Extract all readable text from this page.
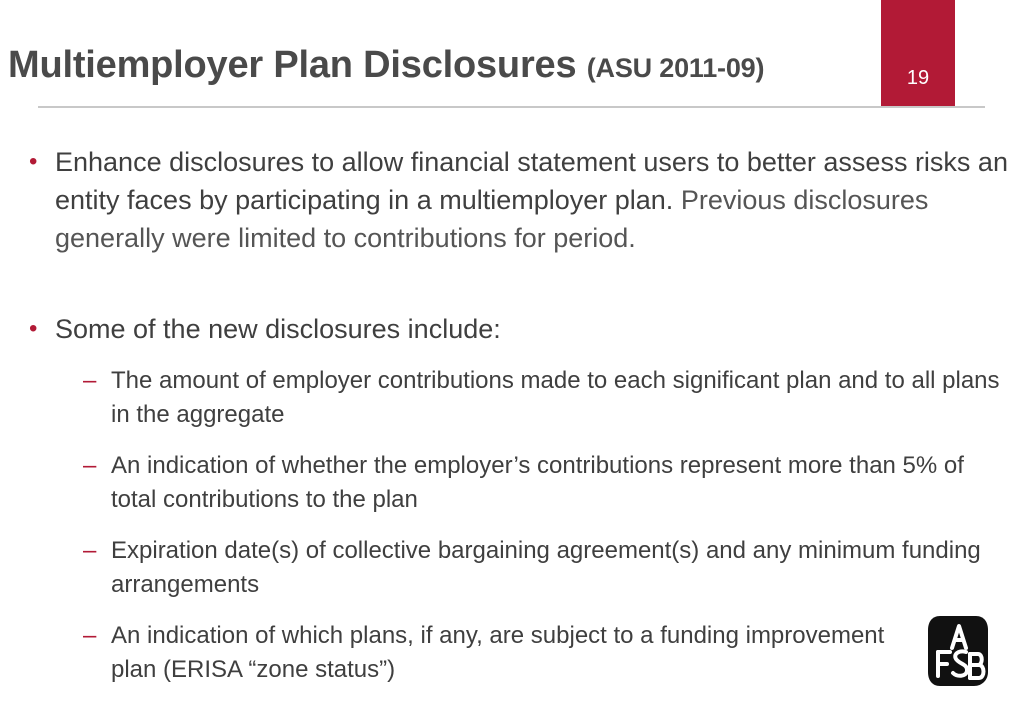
Multiemployer Plan Disclosures (ASU 2011-09)	19
• Enhance disclosures to allow financial statement users to better assess risks an entity faces by participating in a multiemployer plan. Previous disclosures generally were limited to contributions for period.
• Some of the new disclosures include:
– The amount of employer contributions made to each significant plan and to all plans in the aggregate
– An indication of whether the employer’s contributions represent more than 5% of total contributions to the plan
– Expiration date(s) of collective bargaining agreement(s) and any minimum funding arrangements
– An indication of which plans, if any, are subject to a funding improvement plan (ERISA “zone status”)
